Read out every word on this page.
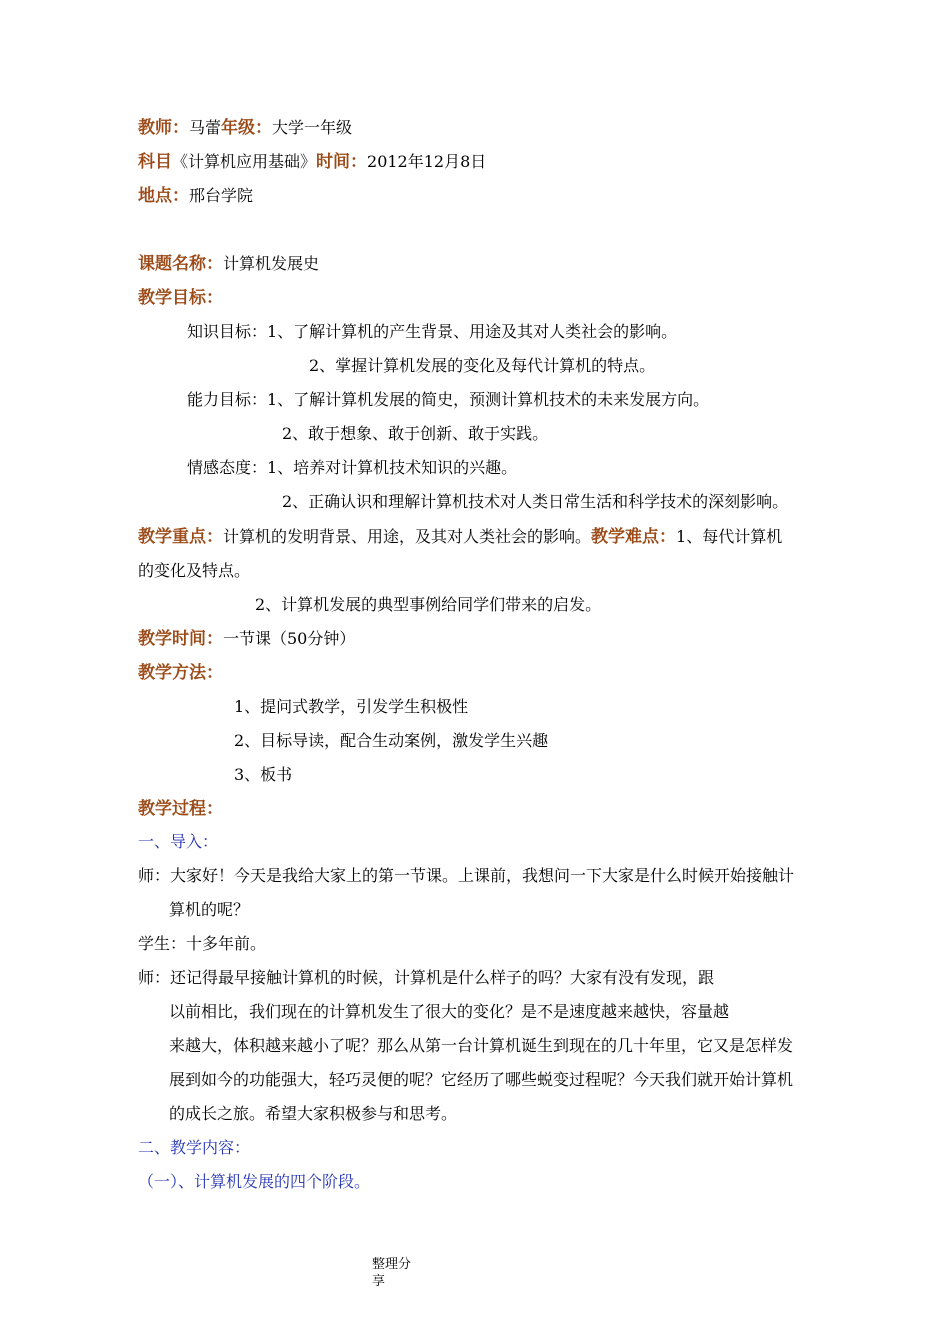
教师：马蕾年级：大学一年级
科目《计算机应用基础》时间：2012年12月8日
地点：邢台学院
课题名称：计算机发展史
教学目标：
知识目标：1、了解计算机的产生背景、用途及其对人类社会的影响。
2、掌握计算机发展的变化及每代计算机的特点。
能力目标：1、了解计算机发展的简史，预测计算机技术的未来发展方向。
2、敢于想象、敢于创新、敢于实践。
情感态度：1、培养对计算机技术知识的兴趣。
2、正确认识和理解计算机技术对人类日常生活和科学技术的深刻影响。
教学重点：计算机的发明背景、用途，及其对人类社会的影响。教学难点：1、每代计算机
的变化及特点。
2、计算机发展的典型事例给同学们带来的启发。
教学时间：一节课（50分钟）
教学方法：
1、提问式教学，引发学生积极性
2、目标导读，配合生动案例，激发学生兴趣
3、板书
教学过程：
一、导入：
师：大家好！今天是我给大家上的第一节课。上课前，我想问一下大家是什么时候开始接触计
算机的呢？
学生：十多年前。
师：还记得最早接触计算机的时候，计算机是什么样子的吗？大家有没有发现，跟
以前相比，我们现在的计算机发生了很大的变化？是不是速度越来越快，容量越
来越大，体积越来越小了呢？那么从第一台计算机诞生到现在的几十年里，它又是怎样发
展到如今的功能强大，轻巧灵便的呢？它经历了哪些蜕变过程呢？今天我们就开始计算机
的成长之旅。希望大家积极参与和思考。
二、教学内容：
（一）、计算机发展的四个阶段。
整理分享
